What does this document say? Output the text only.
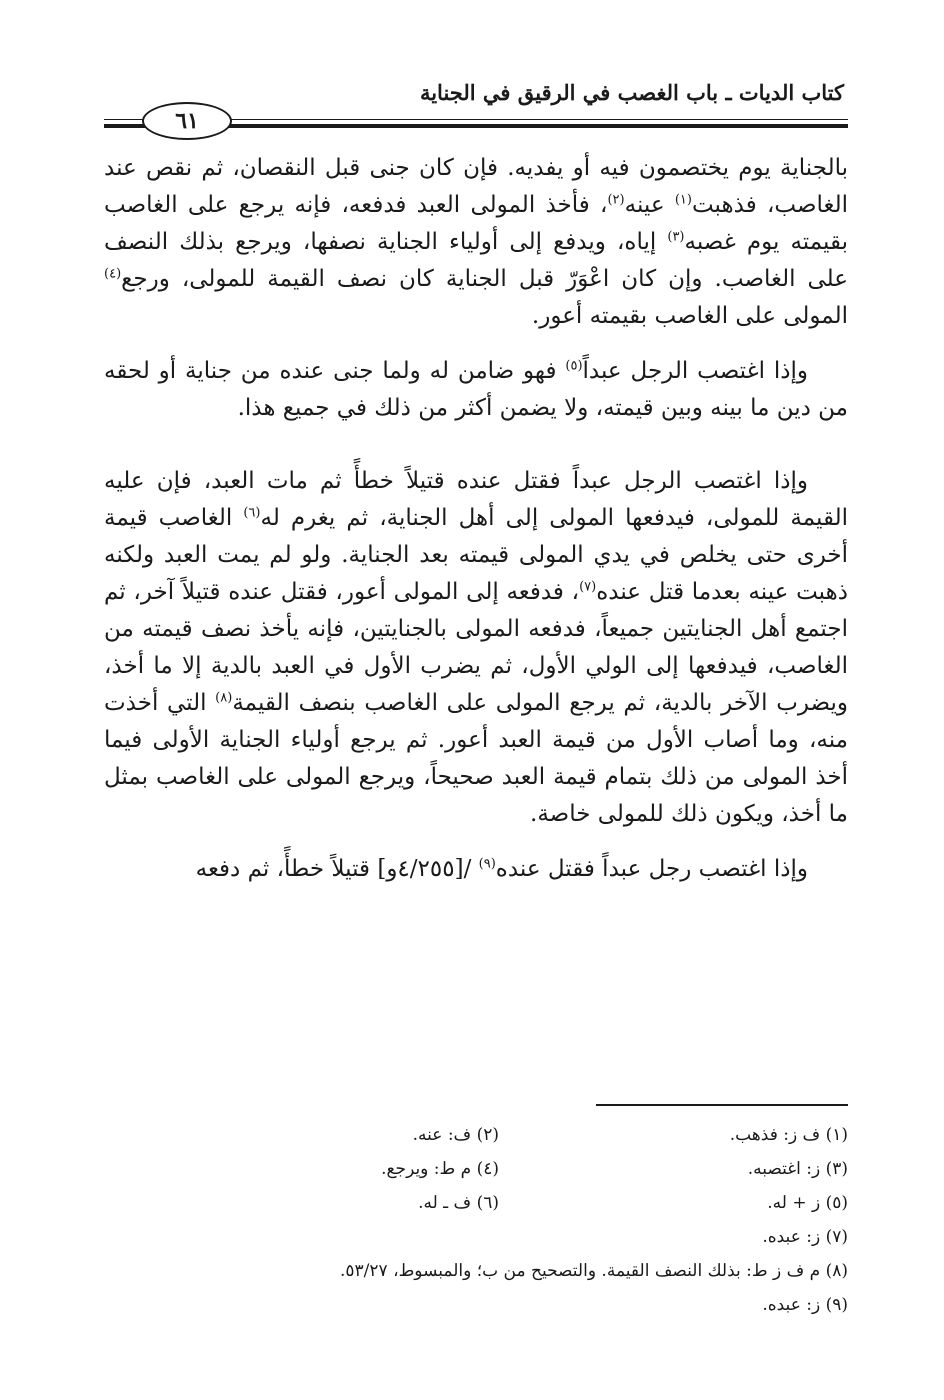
كتاب الديات ـ باب الغصب في الرقيق في الجناية
٦١

بالجناية يوم يختصمون فيه أو يفديه. فإن كان جنى قبل النقصان، ثم نقص عند الغاصب، فذهبت$^{(١)}$ عينه$^{(٢)}$، فأخذ المولى العبد فدفعه، فإنه يرجع على الغاصب بقيمته يوم غصبه$^{(٣)}$ إياه، ويدفع إلى أولياء الجناية نصفها، ويرجع بذلك النصف على الغاصب. وإن كان اعْوَرّ قبل الجناية كان نصف القيمة للمولى، ورجع$^{(٤)}$ المولى على الغاصب بقيمته أعور.

وإذا اغتصب الرجل عبداً$^{(٥)}$ فهو ضامن له ولما جنى عنده من جناية أو لحقه من دين ما بينه وبين قيمته، ولا يضمن أكثر من ذلك في جميع هذا.

وإذا اغتصب الرجل عبداً فقتل عنده قتيلاً خطأً ثم مات العبد، فإن عليه القيمة للمولى، فيدفعها المولى إلى أهل الجناية، ثم يغرم له$^{(٦)}$ الغاصب قيمة أخرى حتى يخلص في يدي المولى قيمته بعد الجناية. ولو لم يمت العبد ولكنه ذهبت عينه بعدما قتل عنده$^{(٧)}$، فدفعه إلى المولى أعور، فقتل عنده قتيلاً آخر، ثم اجتمع أهل الجنايتين جميعاً، فدفعه المولى بالجنايتين، فإنه يأخذ نصف قيمته من الغاصب، فيدفعها إلى الولي الأول، ثم يضرب الأول في العبد بالدية إلا ما أخذ، ويضرب الآخر بالدية، ثم يرجع المولى على الغاصب بنصف القيمة$^{(٨)}$ التي أخذت منه، وما أصاب الأول من قيمة العبد أعور. ثم يرجع أولياء الجناية الأولى فيما أخذ المولى من ذلك بتمام قيمة العبد صحيحاً، ويرجع المولى على الغاصب بمثل ما أخذ، ويكون ذلك للمولى خاصة.

وإذا اغتصب رجل عبداً فقتل عنده$^{(٩)}$ /[٤/٢٥٥و] قتيلاً خطأً، ثم دفعه

(١) ف ز: فذهب.
(٢) ف: عنه.
(٣) ز: اغتصبه.
(٤) م ط: ويرجع.
(٥) ز + له.
(٦) ف ـ له.
(٧) ز: عبده.
(٨) م ف ز ط: بذلك النصف القيمة. والتصحيح من ب؛ والمبسوط، ٥٣/٢٧.
(٩) ز: عبده.
